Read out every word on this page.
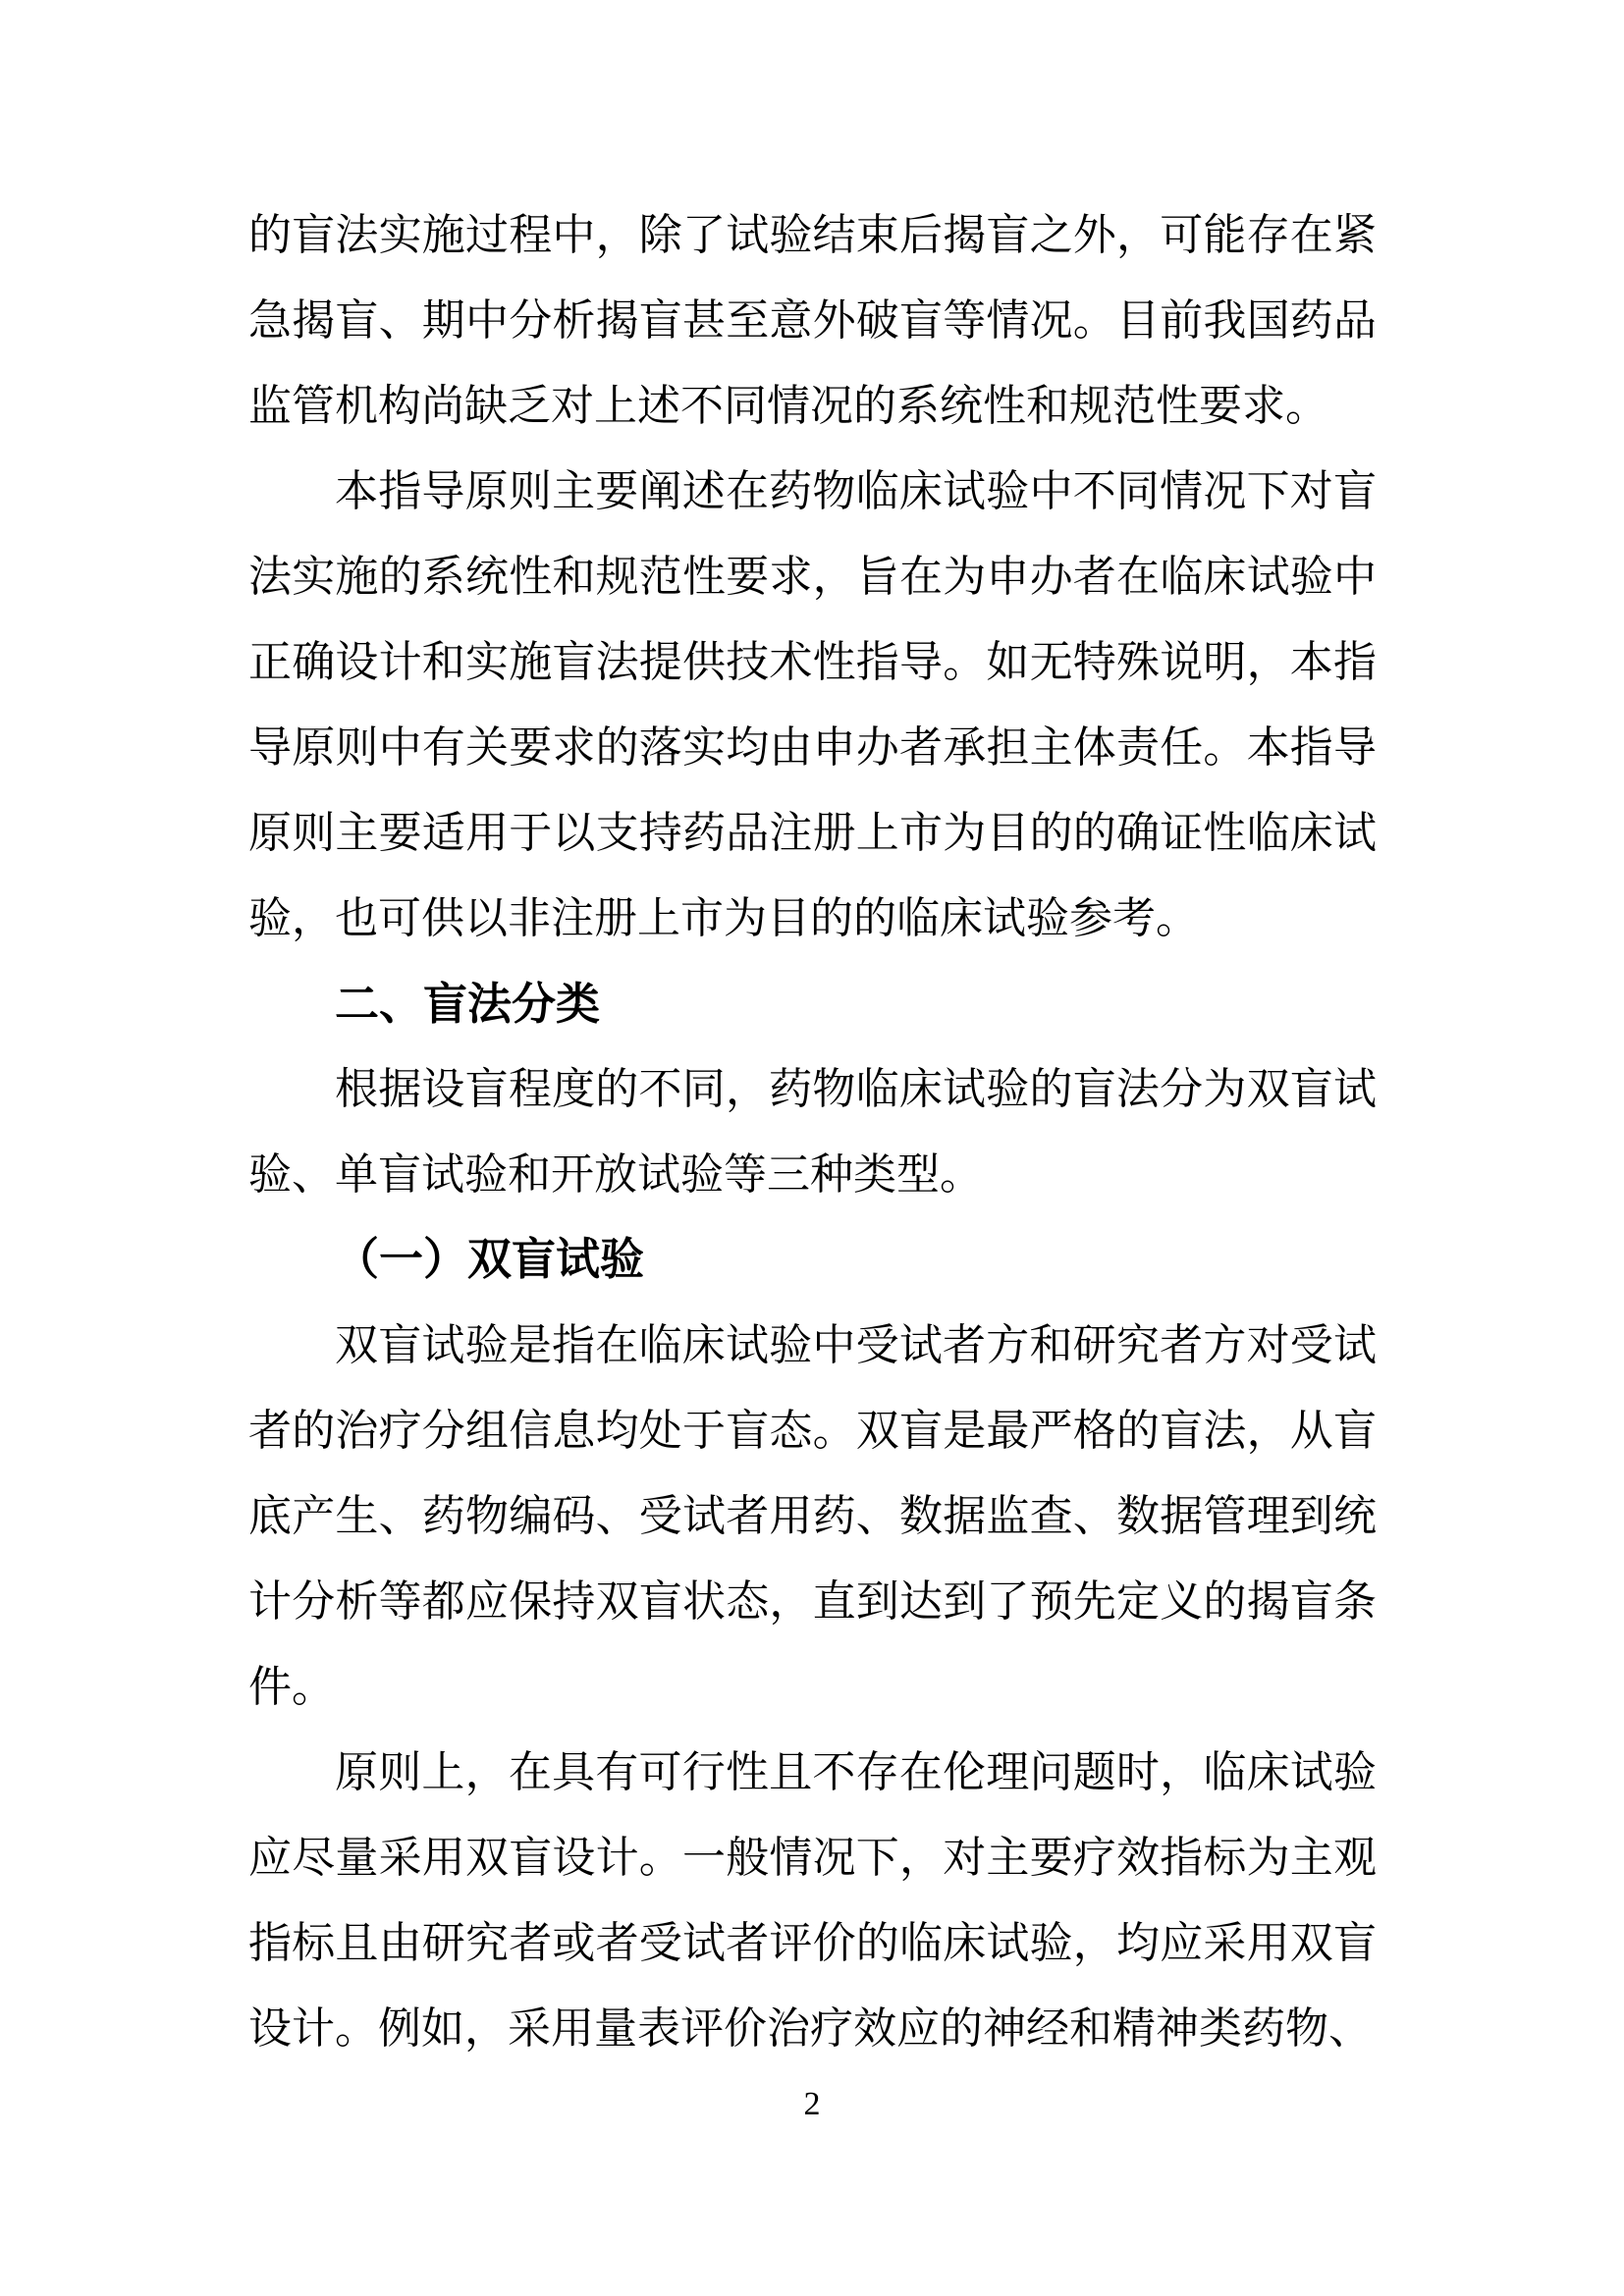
的盲法实施过程中，除了试验结束后揭盲之外，可能存在紧急揭盲、期中分析揭盲甚至意外破盲等情况。目前我国药品监管机构尚缺乏对上述不同情况的系统性和规范性要求。

本指导原则主要阐述在药物临床试验中不同情况下对盲法实施的系统性和规范性要求，旨在为申办者在临床试验中正确设计和实施盲法提供技术性指导。如无特殊说明，本指导原则中有关要求的落实均由申办者承担主体责任。本指导原则主要适用于以支持药品注册上市为目的的确证性临床试验，也可供以非注册上市为目的的临床试验参考。

二、盲法分类

根据设盲程度的不同，药物临床试验的盲法分为双盲试验、单盲试验和开放试验等三种类型。

（一）双盲试验

双盲试验是指在临床试验中受试者方和研究者方对受试者的治疗分组信息均处于盲态。双盲是最严格的盲法，从盲底产生、药物编码、受试者用药、数据监查、数据管理到统计分析等都应保持双盲状态，直到达到了预先定义的揭盲条件。

原则上，在具有可行性且不存在伦理问题时，临床试验应尽量采用双盲设计。一般情况下，对主要疗效指标为主观指标且由研究者或者受试者评价的临床试验，均应采用双盲设计。例如，采用量表评价治疗效应的神经和精神类药物、

2
